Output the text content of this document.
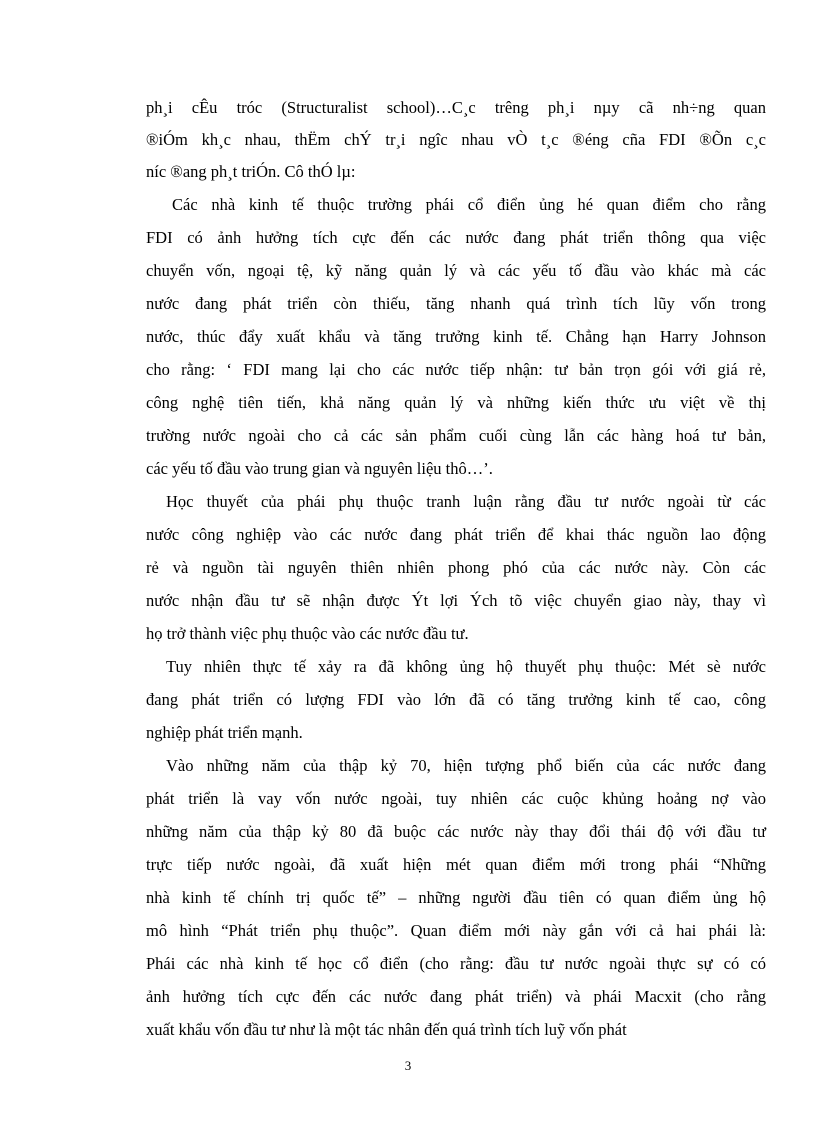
ph¸i cÊu tróc (Structuralist school)…C¸c trêng ph¸i nµy cã nh÷ng quan
®iÓm kh¸c nhau, thËm chÝ tr¸i ngîc nhau vÒ t¸c ®éng cña FDI ®Õn c¸c
níc ®ang ph¸t triÓn. Cô thÓ lµ:
Các nhà kinh tế thuộc trường phái cổ điển ủng hé quan điểm cho rằng
FDI có ảnh hưởng tích cực đến các nước đang phát triển thông qua việc
chuyển vốn, ngoại tệ, kỹ năng quản lý và các yếu tố đầu vào khác mà các
nước đang phát triển còn thiếu, tăng nhanh quá trình tích lũy vốn trong
nước, thúc đẩy xuất khẩu và tăng trưởng kinh tế. Chẳng hạn Harry Johnson
cho rằng: ‘ FDI mang lại cho các nước tiếp nhận: tư bản trọn gói với giá rẻ,
công nghệ tiên tiến, khả năng quản lý và những kiến thức ưu việt về thị
trường nước ngoài cho cả các sản phẩm cuối cùng lẫn các hàng hoá tư bản,
các yếu tố đầu vào trung gian và nguyên liệu thô…’.
Học thuyết của phái phụ thuộc tranh luận rằng đầu tư nước ngoài từ các
nước công nghiệp vào các nước đang phát triển để khai thác nguồn lao động
rẻ và nguồn tài nguyên thiên nhiên phong phó của các nước này. Còn các
nước nhận đầu tư sẽ nhận được Ýt lợi Ých tõ việc chuyển giao này, thay vì
họ trở thành việc phụ thuộc vào các nước đầu tư.
Tuy nhiên thực tế xảy ra đã không ủng hộ thuyết phụ thuộc: Mét sè nước
đang phát triển có lượng FDI vào lớn đã có tăng trưởng kinh tế cao, công
nghiệp phát triển mạnh.
Vào những năm của thập kỷ 70, hiện tượng phổ biến của các nước đang
phát triển là vay vốn nước ngoài, tuy nhiên các cuộc khủng hoảng nợ vào
những năm của thập kỷ 80 đã buộc các nước này thay đổi thái độ với đầu tư
trực tiếp nước ngoài, đã xuất hiện mét quan điểm mới trong phái “Những
nhà kinh tế chính trị quốc tế” – những người đầu tiên có quan điểm ủng hộ
mô hình “Phát triển phụ thuộc”. Quan điểm mới này gắn với cả hai phái là:
Phái các nhà kinh tế học cổ điển (cho rằng: đầu tư nước ngoài thực sự có có
ảnh hưởng tích cực đến các nước đang phát triển) và phái Macxit (cho rằng
xuất khẩu vốn đầu tư như là một tác nhân đến quá trình tích luỹ vốn phát
3
